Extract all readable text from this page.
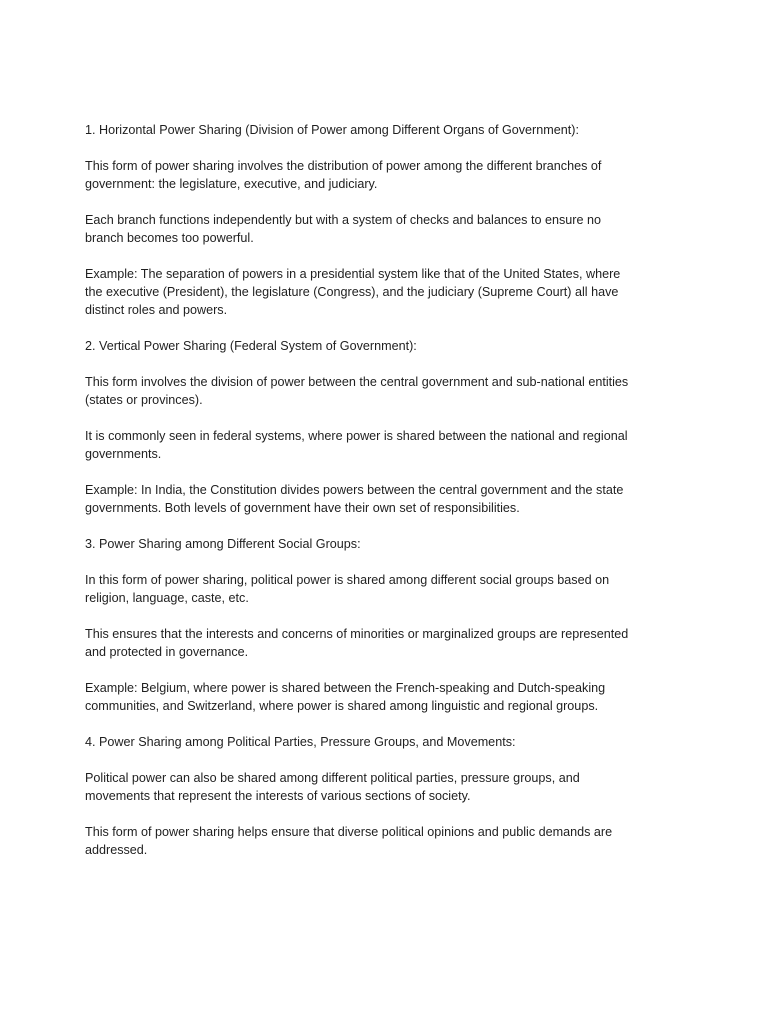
1. Horizontal Power Sharing (Division of Power among Different Organs of Government):

This form of power sharing involves the distribution of power among the different branches of government: the legislature, executive, and judiciary.

Each branch functions independently but with a system of checks and balances to ensure no branch becomes too powerful.

Example: The separation of powers in a presidential system like that of the United States, where the executive (President), the legislature (Congress), and the judiciary (Supreme Court) all have distinct roles and powers.

2. Vertical Power Sharing (Federal System of Government):

This form involves the division of power between the central government and sub-national entities (states or provinces).

It is commonly seen in federal systems, where power is shared between the national and regional governments.

Example: In India, the Constitution divides powers between the central government and the state governments. Both levels of government have their own set of responsibilities.

3. Power Sharing among Different Social Groups:

In this form of power sharing, political power is shared among different social groups based on religion, language, caste, etc.

This ensures that the interests and concerns of minorities or marginalized groups are represented and protected in governance.

Example: Belgium, where power is shared between the French-speaking and Dutch-speaking communities, and Switzerland, where power is shared among linguistic and regional groups.

4. Power Sharing among Political Parties, Pressure Groups, and Movements:

Political power can also be shared among different political parties, pressure groups, and movements that represent the interests of various sections of society.

This form of power sharing helps ensure that diverse political opinions and public demands are addressed.
